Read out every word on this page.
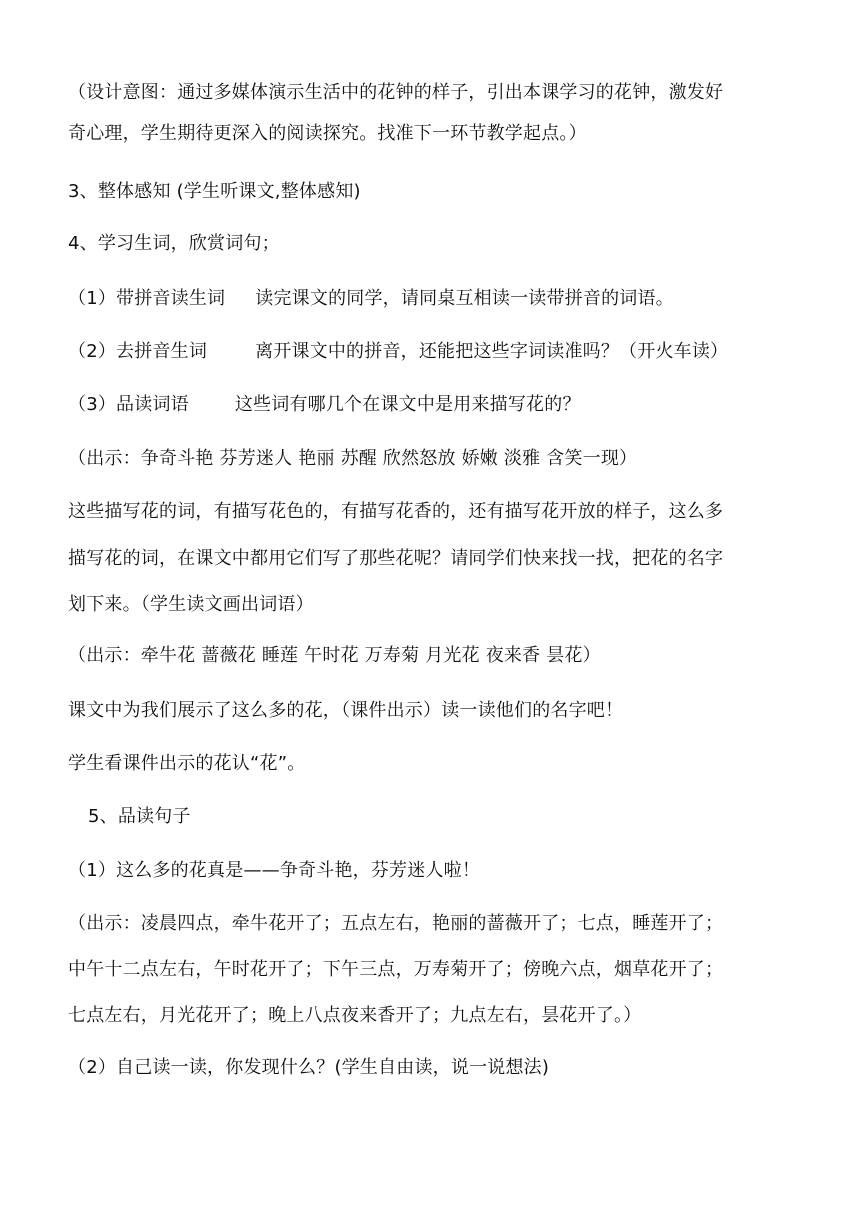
（设计意图：通过多媒体演示生活中的花钟的样子，引出本课学习的花钟，激发好
奇心理，学生期待更深入的阅读探究。找准下一环节教学起点。）
3、整体感知 (学生听课文,整体感知)
4、学习生词，欣赏词句；
（1）带拼音读生词 读完课文的同学，请同桌互相读一读带拼音的词语。
（2）去拼音生词	离开课文中的拼音，还能把这些字词读准吗？（开火车读）
（3）品读词语	这些词有哪几个在课文中是用来描写花的？
（出示：争奇斗艳 芬芳迷人 艳丽 苏醒 欣然怒放 娇嫩 淡雅 含笑一现）
这些描写花的词，有描写花色的，有描写花香的，还有描写花开放的样子，这么多
描写花的词，在课文中都用它们写了那些花呢？请同学们快来找一找，把花的名字
划下来。（学生读文画出词语）
（出示：牵牛花 蔷薇花 睡莲 午时花 万寿菊 月光花 夜来香 昙花）
课文中为我们展示了这么多的花，（课件出示）读一读他们的名字吧！
学生看课件出示的花认“花”。
5、品读句子
（1）这么多的花真是——争奇斗艳，芬芳迷人啦！
（出示：凌晨四点，牵牛花开了；五点左右，艳丽的蔷薇开了；七点，睡莲开了；
中午十二点左右，午时花开了；下午三点，万寿菊开了；傍晚六点，烟草花开了；
七点左右，月光花开了；晚上八点夜来香开了；九点左右，昙花开了。）
（2）自己读一读，你发现什么？(学生自由读，说一说想法)
